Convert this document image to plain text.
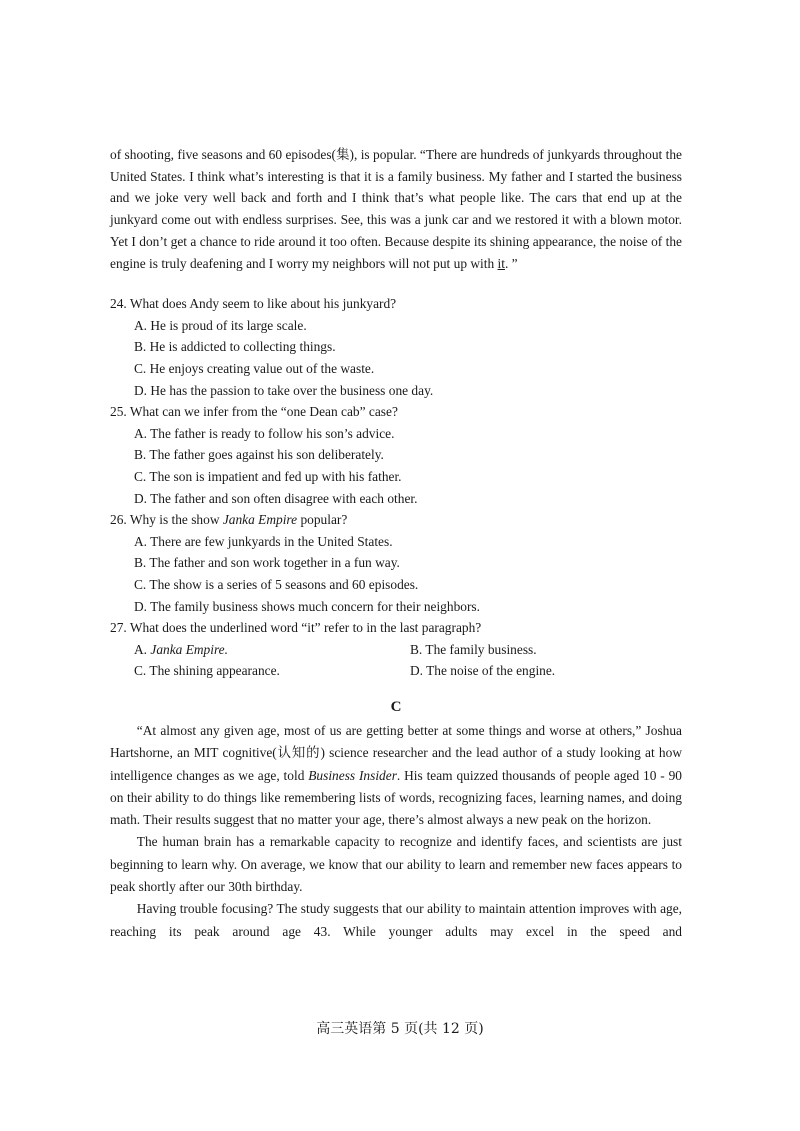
of shooting, five seasons and 60 episodes(集), is popular. “There are hundreds of junkyards throughout the United States. I think what’s interesting is that it is a family business. My father and I started the business and we joke very well back and forth and I think that’s what people like. The cars that end up at the junkyard come out with endless surprises. See, this was a junk car and we restored it with a blown motor. Yet I don’t get a chance to ride around it too often. Because despite its shining appearance, the noise of the engine is truly deafening and I worry my neighbors will not put up with it. ”

24. What does Andy seem to like about his junkyard?

A. He is proud of its large scale.

B. He is addicted to collecting things.

C. He enjoys creating value out of the waste.

D. He has the passion to take over the business one day.

25. What can we infer from the “one Dean cab” case?

A. The father is ready to follow his son’s advice.

B. The father goes against his son deliberately.

C. The son is impatient and fed up with his father.

D. The father and son often disagree with each other.

26. Why is the show Janka Empire popular?

A. There are few junkyards in the United States.

B. The father and son work together in a fun way.

C. The show is a series of 5 seasons and 60 episodes.

D. The family business shows much concern for their neighbors.

27. What does the underlined word “it” refer to in the last paragraph?

A. Janka Empire.	B. The family business.
C. The shining appearance.	D. The noise of the engine.
C

“At almost any given age, most of us are getting better at some things and worse at others,” Joshua Hartshorne, an MIT cognitive(认知的) science researcher and the lead author of a study looking at how intelligence changes as we age, told Business Insider. His team quizzed thousands of people aged 10 - 90 on their ability to do things like remembering lists of words, recognizing faces, learning names, and doing math. Their results suggest that no matter your age, there’s almost always a new peak on the horizon.

The human brain has a remarkable capacity to recognize and identify faces, and scientists are just beginning to learn why. On average, we know that our ability to learn and remember new faces appears to peak shortly after our 30th birthday.

Having trouble focusing? The study suggests that our ability to maintain attention improves with age, reaching its peak around age 43. While younger adults may excel in the speed and

高三英语第 5 页(共 12 页)
